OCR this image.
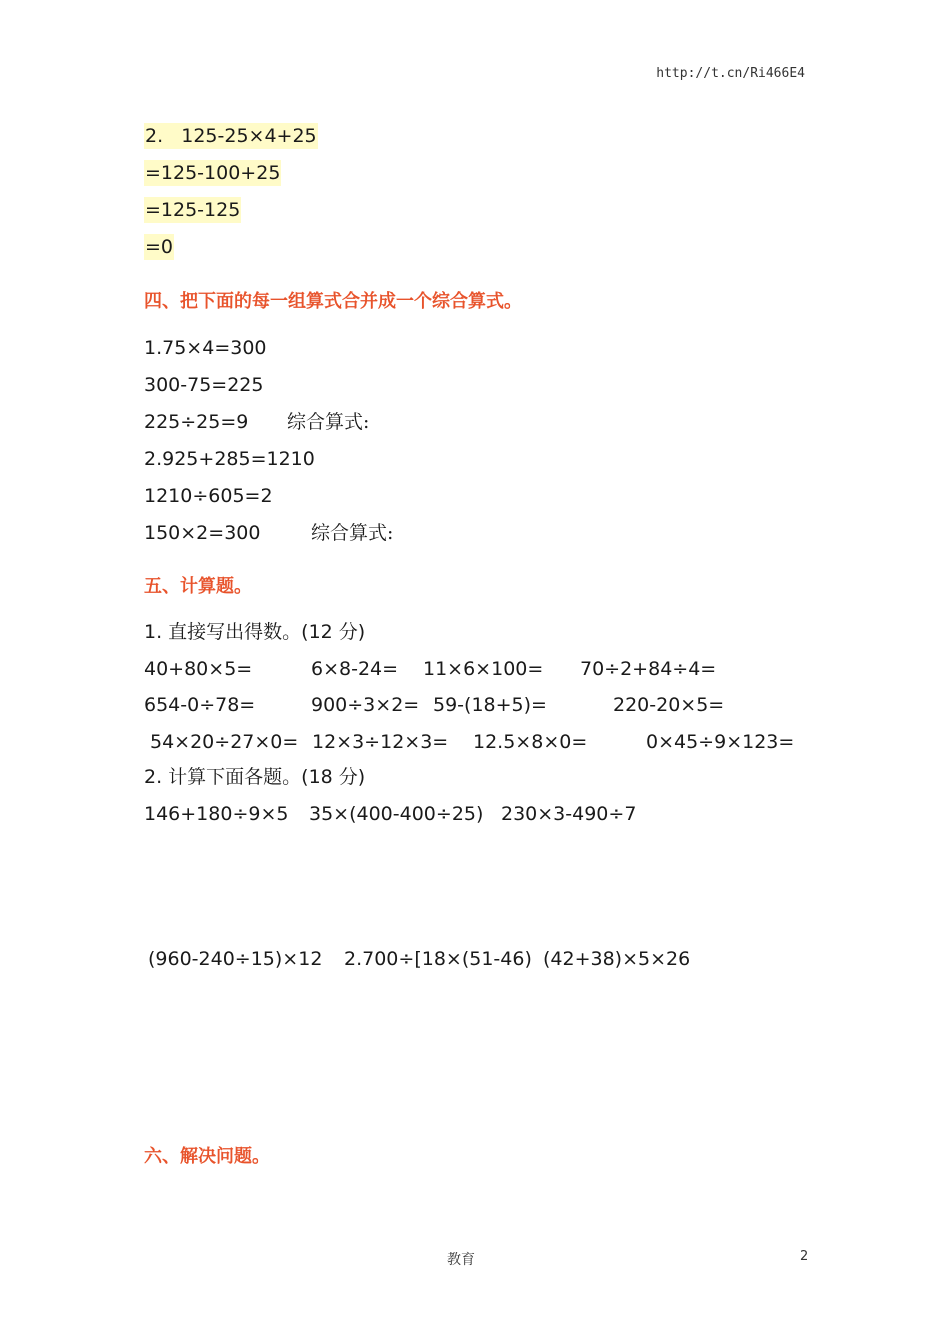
http://t.cn/Ri466E4
2.   125-25×4+25
=125-100+25
=125-125
=0
四、把下面的每一组算式合并成一个综合算式。
1.75×4=300
300-75=225
225÷25=9 综合算式:
2.925+285=1210
1210÷605=2
150×2=300	综合算式:
五、计算题。
1. 直接写出得数。(12 分)
40+80×5=	6×8-24= 11×6×100= 70÷2+84÷4=
654-0÷78=	900÷3×2= 59-(18+5)=	220-20×5=
54×20÷27×0= 12×3÷12×3= 12.5×8×0=	0×45÷9×123=
2. 计算下面各题。(18 分)
146+180÷9×5 35×(400-400÷25) 230×3-490÷7
(960-240÷15)×12 2.700÷[18×(51-46) (42+38)×5×26
六、解决问题。
教育	2
